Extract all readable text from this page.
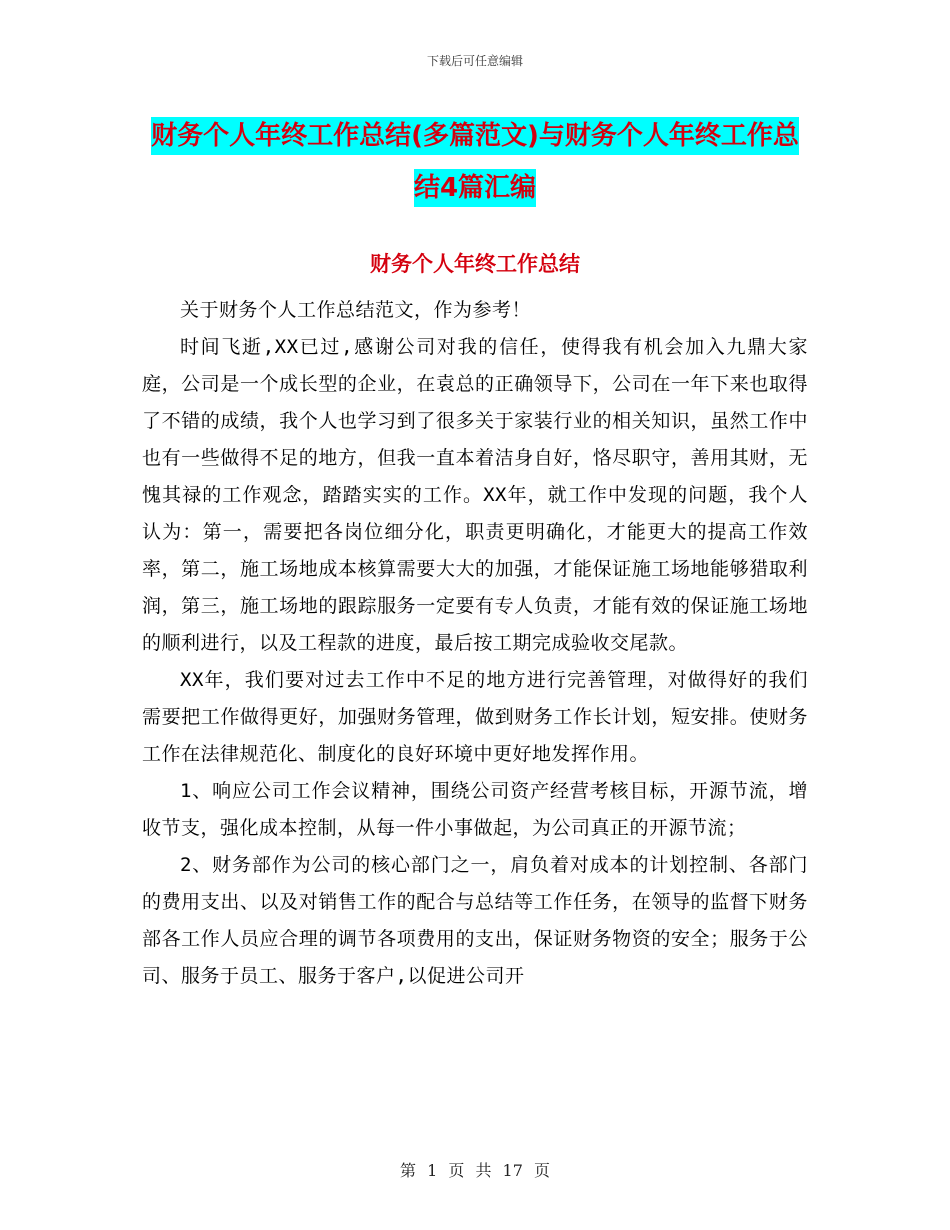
下载后可任意编辑
财务个人年终工作总结(多篇范文)与财务个人年终工作总结4篇汇编
财务个人年终工作总结

关于财务个人工作总结范文，作为参考！

时间飞逝,XX已过,感谢公司对我的信任，使得我有机会加入九鼎大家庭，公司是一个成长型的企业，在袁总的正确领导下，公司在一年下来也取得了不错的成绩，我个人也学习到了很多关于家装行业的相关知识，虽然工作中也有一些做得不足的地方，但我一直本着洁身自好，恪尽职守，善用其财，无愧其禄的工作观念，踏踏实实的工作。XX年，就工作中发现的问题，我个人认为：第一，需要把各岗位细分化，职责更明确化，才能更大的提高工作效率，第二，施工场地成本核算需要大大的加强，才能保证施工场地能够猎取利润，第三，施工场地的跟踪服务一定要有专人负责，才能有效的保证施工场地的顺利进行，以及工程款的进度，最后按工期完成验收交尾款。

XX年，我们要对过去工作中不足的地方进行完善管理，对做得好的我们需要把工作做得更好，加强财务管理，做到财务工作长计划，短安排。使财务工作在法律规范化、制度化的良好环境中更好地发挥作用。

1、响应公司工作会议精神，围绕公司资产经营考核目标，开源节流，增收节支，强化成本控制，从每一件小事做起，为公司真正的开源节流；

2、财务部作为公司的核心部门之一，肩负着对成本的计划控制、各部门的费用支出、以及对销售工作的配合与总结等工作任务，在领导的监督下财务部各工作人员应合理的调节各项费用的支出，保证财务物资的安全；服务于公司、服务于员工、服务于客户,以促进公司开

第 1 页 共 17 页
